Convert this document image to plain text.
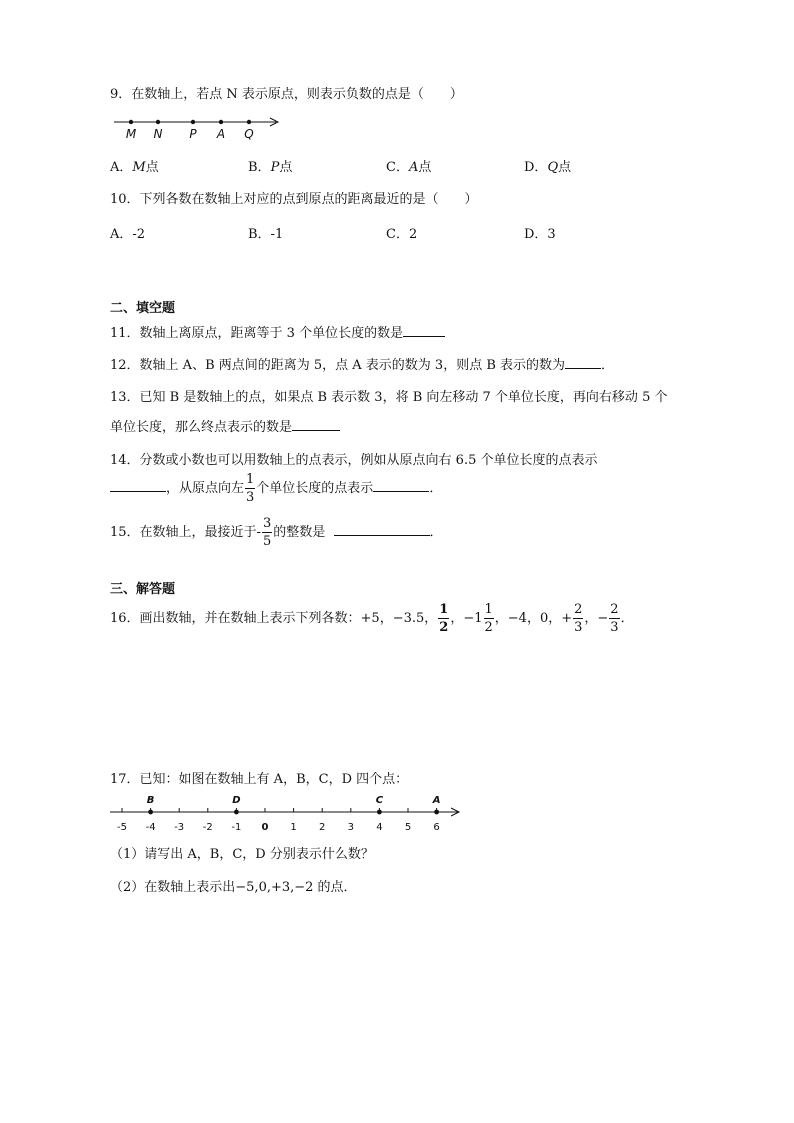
9．在数轴上，若点 N 表示原点，则表示负数的点是（　　）
M N P A Q
A．M点	B．P点	C．A点	D．Q点
10．下列各数在数轴上对应的点到原点的距离最近的是（　　）
A．-2	B．-1	C．2	D．3
二、填空题
11．数轴上离原点，距离等于 3 个单位长度的数是
12．数轴上 A、B 两点间的距离为 5，点 A 表示的数为 3，则点 B 表示的数为	．
13．已知 B 是数轴上的点，如果点 B 表示数 3，将 B 向左移动 7 个单位长度，再向右移动 5 个
单位长度，那么终点表示的数是
14．分数或小数也可以用数轴上的点表示，例如从原点向右 6.5 个单位长度的点表示
，从原点向左 $\frac{1}{3}$ 个单位长度的点表示	．
15．在数轴上，最接近于- $\frac{3}{5}$ 的整数是	．
三、解答题
16．画出数轴，并在数轴上表示下列各数：+5，−3.5， $\frac{1}{2}$ ，$-1 \frac{1}{2}$ ，−4，0，+ $\frac{2}{3}$ ，− $\frac{2}{3}$ ．
17．已知：如图在数轴上有 A，B，C，D 四个点：
-5 -4 -3 -2 -1 0 1 2 3 4 5 6
B	D	C	A
（1）请写出 A，B，C，D 分别表示什么数？
（2）在数轴上表示出−5,0,+3,−2 的点．
